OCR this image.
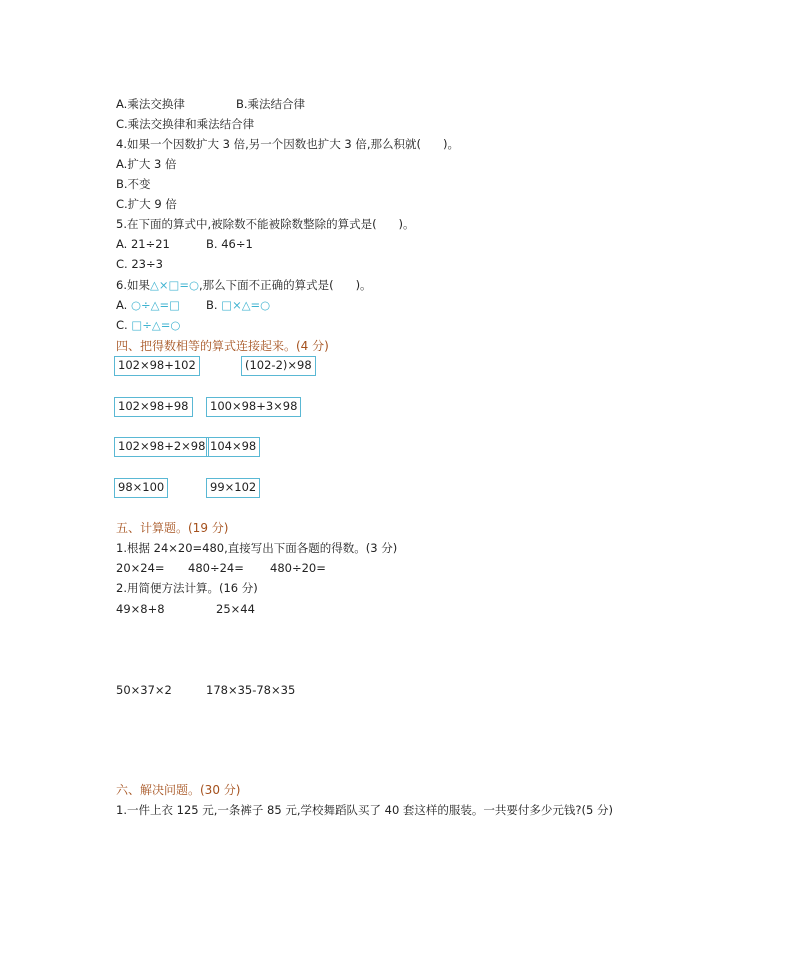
A.乘法交换律	B.乘法结合律
C.乘法交换律和乘法结合律
4.如果一个因数扩大 3 倍,另一个因数也扩大 3 倍,那么积就(      )。
A.扩大 3 倍
B.不变
C.扩大 9 倍
5.在下面的算式中,被除数不能被除数整除的算式是(      )。
A. 21÷21	B. 46÷1
C. 23÷3
6.如果△×□=○,那么下面不正确的算式是(      )。
A. ○÷△=□ B. □×△=○
C. □÷△=○
四、把得数相等的算式连接起来。(4 分)
102×98+102	(102-2)×98
102×98+98	100×98+3×98
102×98+2×98 104×98
98×100	99×102
五、计算题。(19 分)
1.根据 24×20=480,直接写出下面各题的得数。(3 分)
20×24= 480÷24= 480÷20=
2.用简便方法计算。(16 分)
49×8+8	25×44
50×37×2	178×35-78×35
六、解决问题。(30 分)
1.一件上衣 125 元,一条裤子 85 元,学校舞蹈队买了 40 套这样的服装。一共要付多少元钱?(5 分)
